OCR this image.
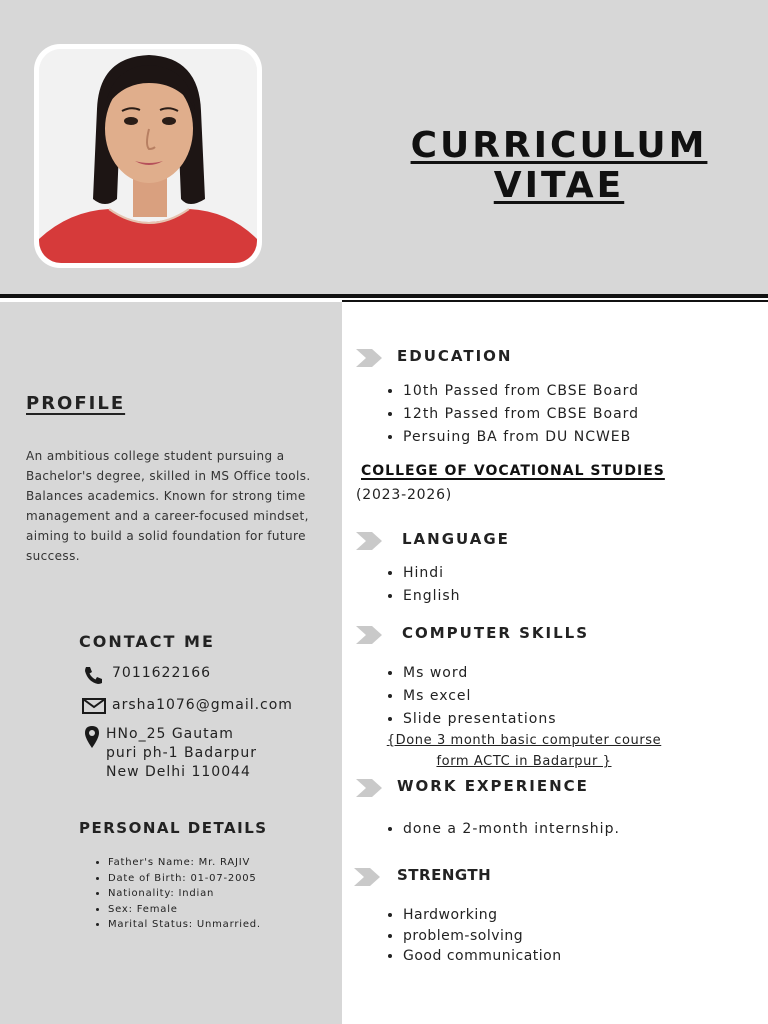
CURRICULUM
VITAE
PROFILE
An ambitious college student pursuing a Bachelor's degree, skilled in MS Office tools. Balances academics. Known for strong time management and a career-focused mindset, aiming to build a solid foundation for future success.
CONTACT ME
7011622166
arsha1076@gmail.com
HNo_25 Gautam
puri ph-1 Badarpur
New Delhi 110044
PERSONAL DETAILS
• Father's Name: Mr. RAJIV
• Date of Birth: 01-07-2005
• Nationality: Indian
• Sex: Female
• Marital Status: Unmarried.
EDUCATION
• 10th Passed from CBSE Board
• 12th Passed from CBSE Board
• Persuing BA from DU NCWEB
COLLEGE OF VOCATIONAL STUDIES
(2023-2026)
LANGUAGE
• Hindi
• English
COMPUTER SKILLS
• Ms word
• Ms excel
• Slide presentations
{Done 3 month basic computer course
form ACTC in Badarpur }
WORK EXPERIENCE
• done a 2-month internship.
STRENGTH
• Hardworking
• problem-solving
• Good communication
